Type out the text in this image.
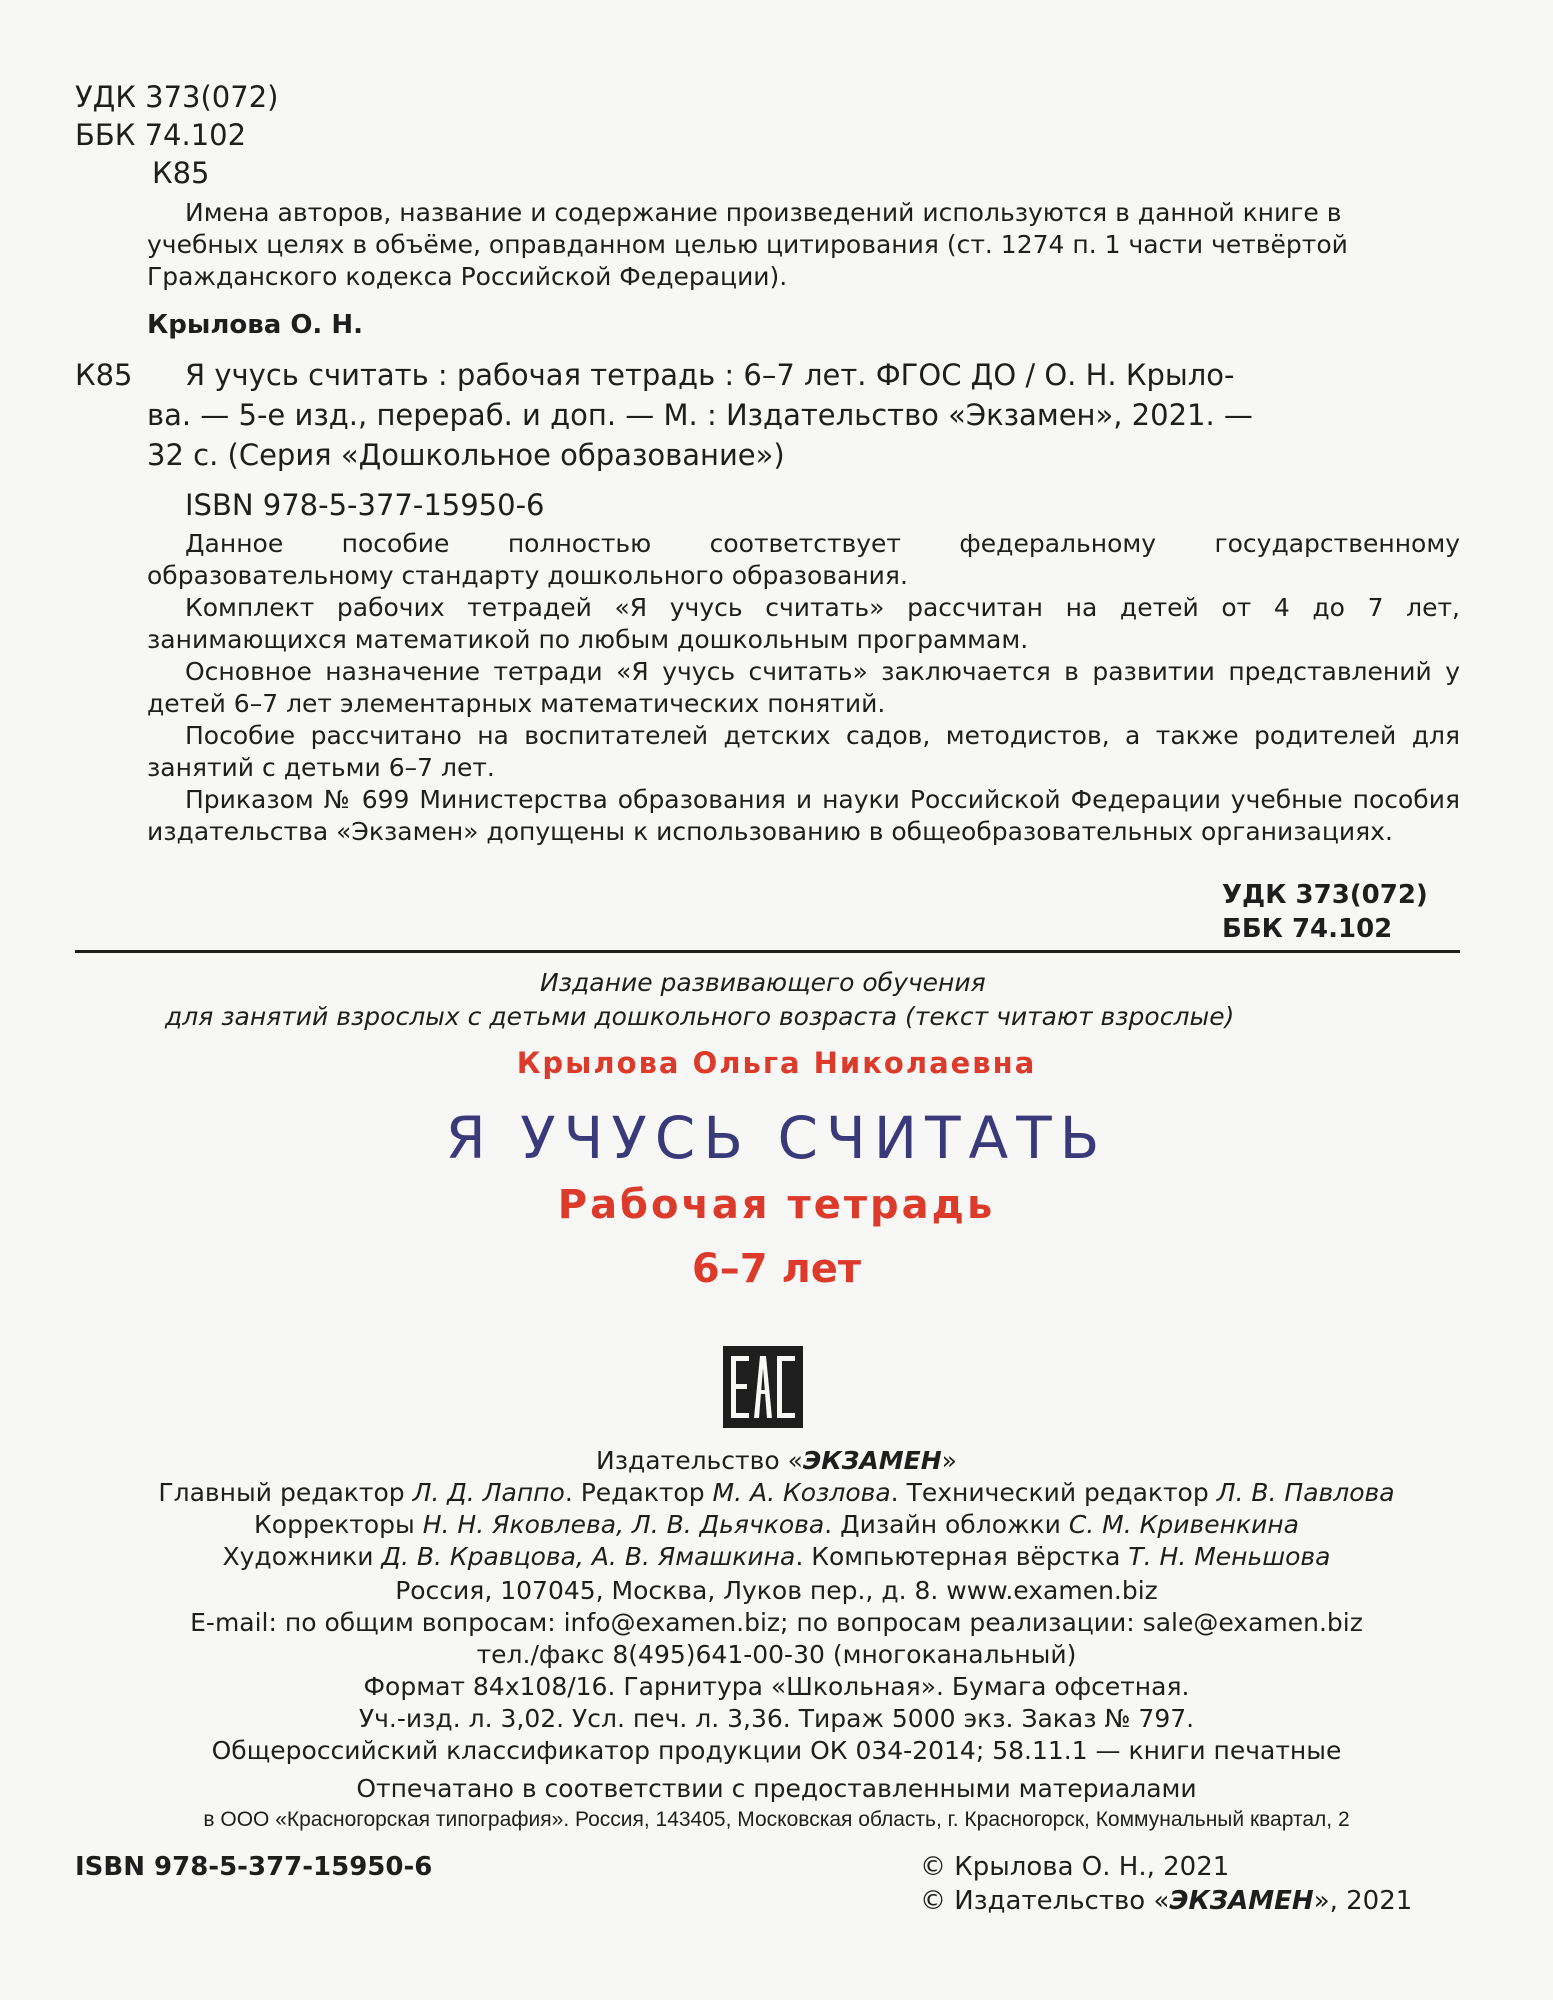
УДК 373(072)
ББК 74.102
К85
Имена авторов, название и содержание произведений используются в данной книге в
учебных целях в объёме, оправданном целью цитирования (ст. 1274 п. 1 части четвёртой
Гражданского кодекса Российской Федерации).
Крылова О. Н.
К85 Я учусь считать : рабочая тетрадь : 6–7 лет. ФГОС ДО / О. Н. Крыло-
ва. — 5-е изд., перераб. и доп. — М. : Издательство «Экзамен», 2021. —
32 с. (Серия «Дошкольное образование»)
ISBN 978-5-377-15950-6
Данное пособие полностью соответствует федеральному государственному образовательному стандарту дошкольного образования.
Комплект рабочих тетрадей «Я учусь считать» рассчитан на детей от 4 до 7 лет, занимающихся математикой по любым дошкольным программам.
Основное назначение тетради «Я учусь считать» заключается в развитии представлений у детей 6–7 лет элементарных математических понятий.
Пособие рассчитано на воспитателей детских садов, методистов, а также родителей для занятий с детьми 6–7 лет.
Приказом № 699 Министерства образования и науки Российской Федерации учебные пособия издательства «Экзамен» допущены к использованию в общеобразовательных организациях.
УДК 373(072)
ББК 74.102
Издание развивающего обучения
для занятий взрослых с детьми дошкольного возраста (текст читают взрослые)
Крылова Ольга Николаевна
Я УЧУСЬ СЧИТАТЬ
Рабочая тетрадь
6–7 лет
Издательство «ЭКЗАМЕН»
Главный редактор Л. Д. Лаппо. Редактор М. А. Козлова. Технический редактор Л. В. Павлова
Корректоры Н. Н. Яковлева, Л. В. Дьячкова. Дизайн обложки С. М. Кривенкина
Художники Д. В. Кравцова, А. В. Ямашкина. Компьютерная вёрстка Т. Н. Меньшова
Россия, 107045, Москва, Луков пер., д. 8. www.examen.biz
E-mail: по общим вопросам: info@examen.biz; по вопросам реализации: sale@examen.biz
тел./факс 8(495)641-00-30 (многоканальный)
Формат 84х108/16. Гарнитура «Школьная». Бумага офсетная.
Уч.-изд. л. 3,02. Усл. печ. л. 3,36. Тираж 5000 экз. Заказ № 797.
Общероссийский классификатор продукции ОК 034-2014; 58.11.1 — книги печатные
Отпечатано в соответствии с предоставленными материалами
в ООО «Красногорская типография». Россия, 143405, Московская область, г. Красногорск, Коммунальный квартал, 2
ISBN 978-5-377-15950-6	© Крылова О. Н., 2021
© Издательство «ЭКЗАМЕН», 2021
